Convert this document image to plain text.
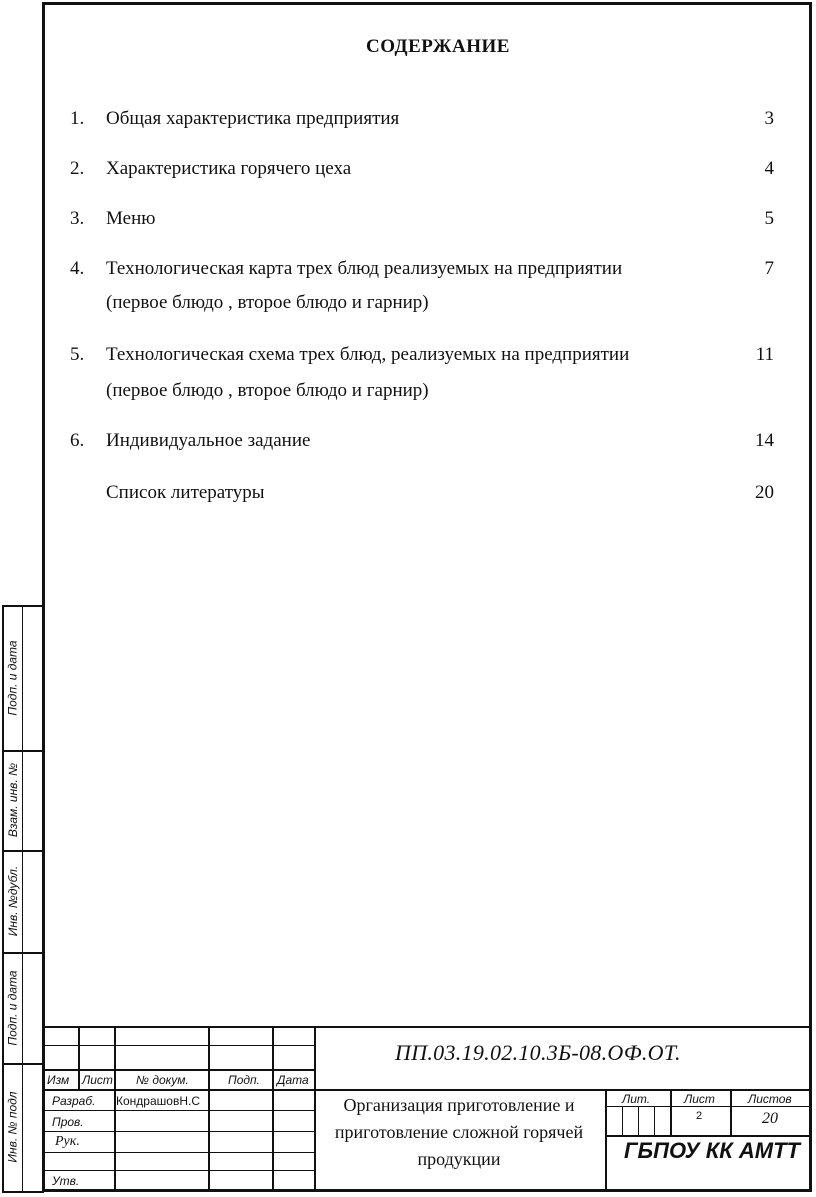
Подп. и дата
Взам. инв. №
Инв. №дубл.
Подп. и дата
Инв. № подл
СОДЕРЖАНИЕ
1.	Общая характеристика предприятия	3
2.	Характеристика горячего цеха	4
3.	Меню	5
4.	Технологическая карта трех блюд реализуемых на предприятии	7
(первое блюдо , второе блюдо и гарнир)
5.	Технологическая схема трех блюд, реализуемых на предприятии	11
(первое блюдо , второе блюдо и гарнир)
6.	Индивидуальное задание	14
Список литературы	20
ПП.03.19.02.10.3Б-08.ОФ.ОТ.
Изм Лист № докум.	Подп. Дата
Разраб. КондрашовН.С
Пров.
Рук.
Утв.
Организация приготовление и приготовление сложной горячей продукции
Лит.	Лист	Листов
2	20
ГБПОУ КК АМТТ
